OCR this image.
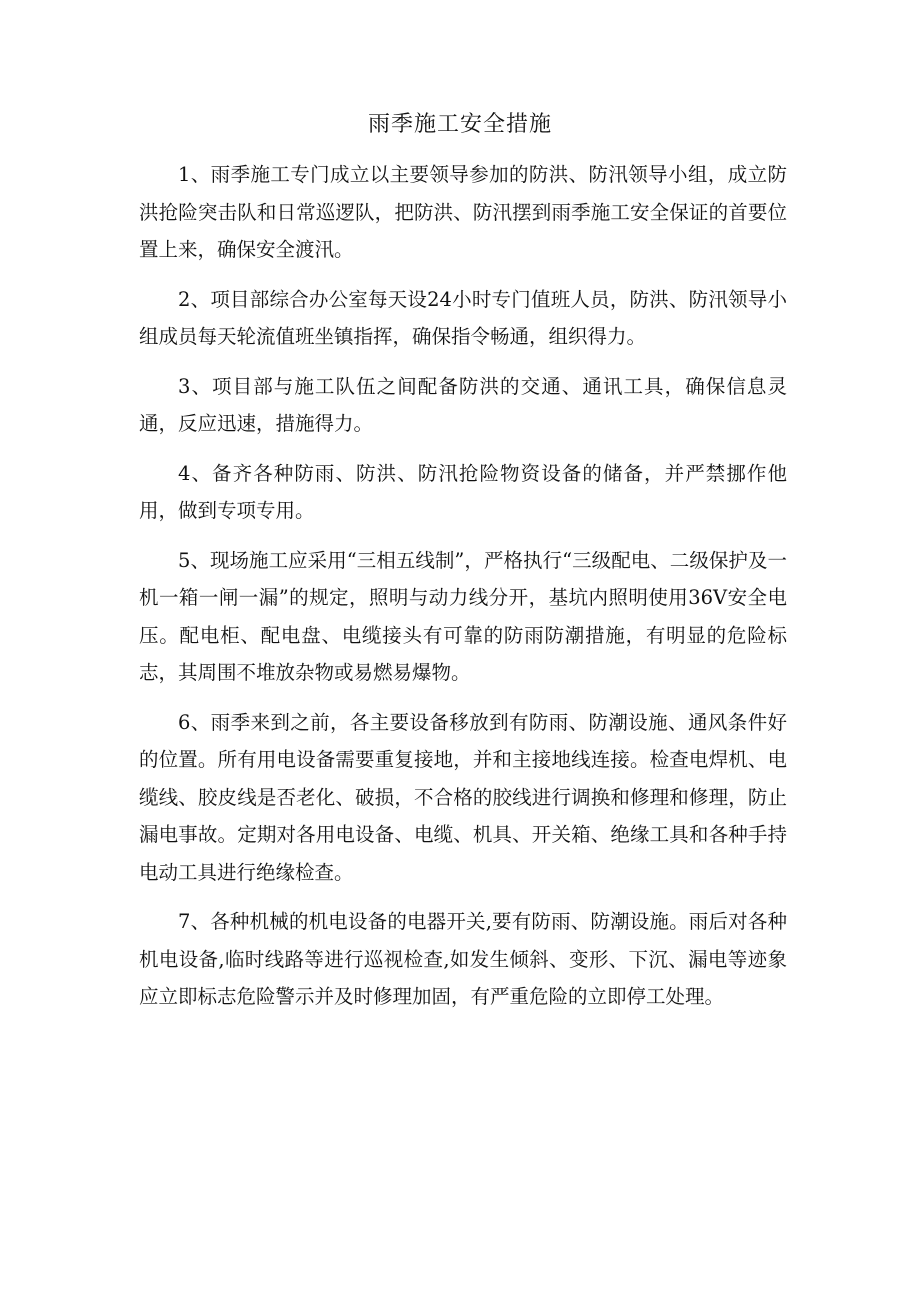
雨季施工安全措施

1、雨季施工专门成立以主要领导参加的防洪、防汛领导小组，成立防洪抢险突击队和日常巡逻队，把防洪、防汛摆到雨季施工安全保证的首要位置上来，确保安全渡汛。

2、项目部综合办公室每天设24小时专门值班人员，防洪、防汛领导小组成员每天轮流值班坐镇指挥，确保指令畅通，组织得力。

3、项目部与施工队伍之间配备防洪的交通、通讯工具，确保信息灵通，反应迅速，措施得力。

4、备齐各种防雨、防洪、防汛抢险物资设备的储备，并严禁挪作他用，做到专项专用。

5、现场施工应采用“三相五线制”，严格执行“三级配电、二级保护及一机一箱一闸一漏”的规定，照明与动力线分开，基坑内照明使用36V安全电压。配电柜、配电盘、电缆接头有可靠的防雨防潮措施，有明显的危险标志，其周围不堆放杂物或易燃易爆物。

6、雨季来到之前，各主要设备移放到有防雨、防潮设施、通风条件好的位置。所有用电设备需要重复接地，并和主接地线连接。检查电焊机、电缆线、胶皮线是否老化、破损，不合格的胶线进行调换和修理和修理，防止漏电事故。定期对各用电设备、电缆、机具、开关箱、绝缘工具和各种手持电动工具进行绝缘检查。

7、各种机械的机电设备的电器开关,要有防雨、防潮设施。雨后对各种机电设备,临时线路等进行巡视检查,如发生倾斜、变形、下沉、漏电等迹象应立即标志危险警示并及时修理加固，有严重危险的立即停工处理。
